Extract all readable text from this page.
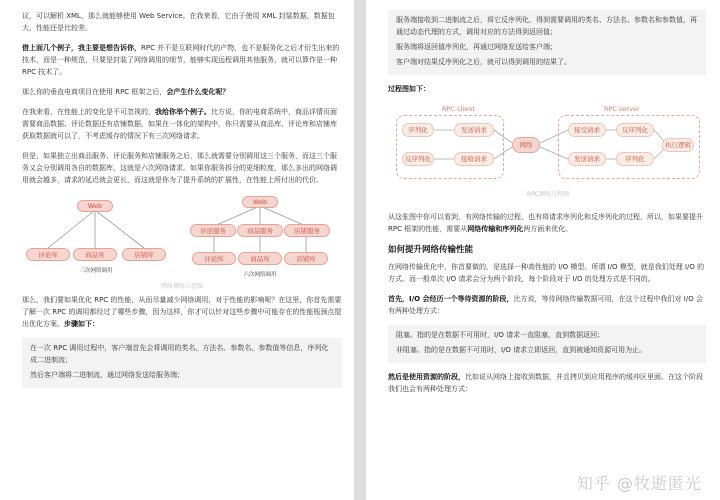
议，可以解析 XML，那么就能够使用 Web Service。在我来看，它由于使用 XML 封装数据，数据包大，性能还是比较差。

借上面几个例子，我主要是想告诉你，RPC 并不是互联网时代的产物，也不是服务化之后才衍生出来的技术，而是一种规范，只要是封装了网络调用的细节，能够实现远程调用其他服务，就可以算作是一种 RPC 技术了。

那么你的垂直电商项目在使用 RPC 框架之后，会产生什么变化呢？

在我来看，在性能上的变化是不可忽视的，我给你举个例子。比方说，你的电商系统中，商品详情页面需要商品数据、评论数据还有店铺数据，如果在一体化的架构中，你只需要从商品库、评论库和店铺库获取数据就可以了，不考虑缓存的情况下有三次网络请求。

但是，如果独立出商品服务、评论服务和店铺服务之后，那么就需要分别调用这三个服务，而这三个服务又会分别调用各自的数据库，这就是六次网络请求。如果你服务拆分的更细粒度，那么多出的网络调用就会越多，请求的延迟就会更长，而这就是你为了提升系统的扩展性，在性能上所付出的代价。

Web
评论库	商品库	店铺库
三次网络调用
Web
评论服务	商品服务	店铺服务
评论库	商品库	店铺库
六次网络调用
网络调用示意图

那么，我们要如果优化 RPC 的性能，从而尽量减少网络调用，对于性能的影响呢？在这里，你首先需要了解一次 RPC 的调用都经过了哪些步骤，因为这样，你才可以针对这些步骤中可能存在的性能瓶颈点提出优化方案。步骤如下：

在一次 RPC 调用过程中，客户端首先会将调用的类名、方法名、参数名、参数值等信息，序列化成二进制流；

然后客户端将二进制流，通过网络发送给服务端；

服务端接收到二进制流之后，将它反序列化，得到需要调用的类名、方法名、参数名和参数值，再通过动态代理的方式，调用对应的方法得到返回值；

服务端将返回值序列化，再通过网络发送给客户端；

客户端对结果反序列化之后，就可以得到调用的结果了。

过程图如下：

RPC client	RPC server
序列化	发送请求
反序列化	接收请求
网络
接受请求	反序列化
发送请求	序列化
执行逻辑
RPC调用过程图

从这张图中你可以看到，有网络传输的过程，也有将请求序列化和反序列化的过程，所以，如果要提升 RPC 框架的性能，需要从网络传输和序列化两方面来优化。

如何提升网络传输性能

在网络传输优化中，你首要做的，是选择一种高性能的 I/O 模型。所谓 I/O 模型，就是我们处理 I/O 的方式。而一般单次 I/O 请求会分为两个阶段，每个阶段对于 I/O 的处理方式是不同的。

首先，I/O 会经历一个等待资源的阶段，比方说，等待网络传输数据可用，在这个过程中我们对 I/O 会有两种处理方式：

阻塞。指的是在数据不可用时，I/O 请求一直阻塞，直到数据返回；

非阻塞。指的是在数据不可用时，I/O 请求立即返回，直到被通知资源可用为止。

然后是使用资源的阶段，比如说从网络上接收到数据，并且拷贝到应用程序的缓冲区里面。在这个阶段我们也会有两种处理方式：

知乎 @牧逝匿光
